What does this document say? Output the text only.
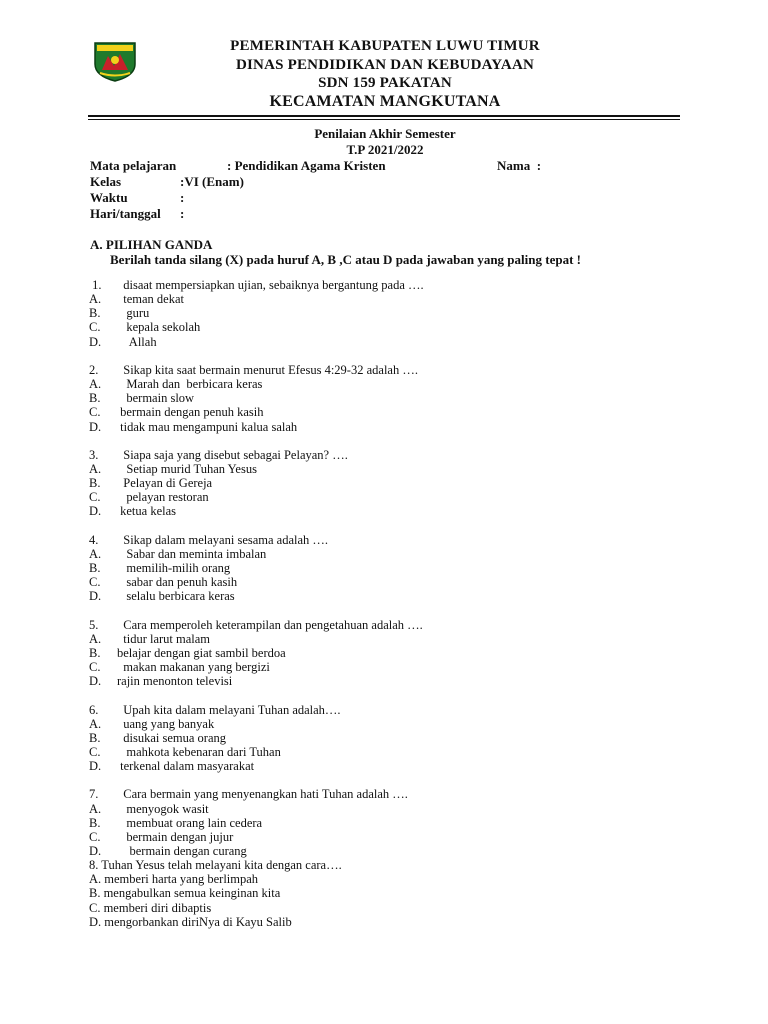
PEMERINTAH KABUPATEN LUWU TIMUR
DINAS PENDIDIKAN DAN KEBUDAYAAN
SDN 159 PAKATAN
KECAMATAN MANGKUTANA
Penilaian Akhir Semester
T.P 2021/2022
Mata pelajaran	: Pendidikan Agama Kristen	Nama  :
Kelas	:VI (Enam)
Waktu	:
Hari/tanggal :
A. PILIHAN GANDA
Berilah tanda silang (X) pada huruf A, B ,C atau D pada jawaban yang paling tepat !
1.  disaat mempersiapkan ujian, sebaiknya bergantung pada ….
A.  teman dekat
B.   guru
C.   kepala sekolah
D.    Allah
2.  Sikap kita saat bermain menurut Efesus 4:29-32 adalah ….
A.   Marah dan  berbicara keras
B.   bermain slow
C. bermain dengan penuh kasih
D. tidak mau mengampuni kalua salah
3.  Siapa saja yang disebut sebagai Pelayan? ….
A.   Setiap murid Tuhan Yesus
B.  Pelayan di Gereja
C.   pelayan restoran
D. ketua kelas
4.  Sikap dalam melayani sesama adalah ….
A.   Sabar dan meminta imbalan
B.   memilih-milih orang
C.   sabar dan penuh kasih
D.   selalu berbicara keras
5.  Cara memperoleh keterampilan dan pengetahuan adalah ….
A.  tidur larut malam
B. belajar dengan giat sambil berdoa
C.  makan makanan yang bergizi
D. rajin menonton televisi
6.  Upah kita dalam melayani Tuhan adalah….
A.  uang yang banyak
B.  disukai semua orang
C.   mahkota kebenaran dari Tuhan
D. terkenal dalam masyarakat
7.  Cara bermain yang menyenangkan hati Tuhan adalah ….
A.   menyogok wasit
B.   membuat orang lain cedera
C.   bermain dengan jujur
D.    bermain dengan curang
8. Tuhan Yesus telah melayani kita dengan cara….
A. memberi harta yang berlimpah
B. mengabulkan semua keinginan kita
C. memberi diri dibaptis
D. mengorbankan diriNya di Kayu Salib
